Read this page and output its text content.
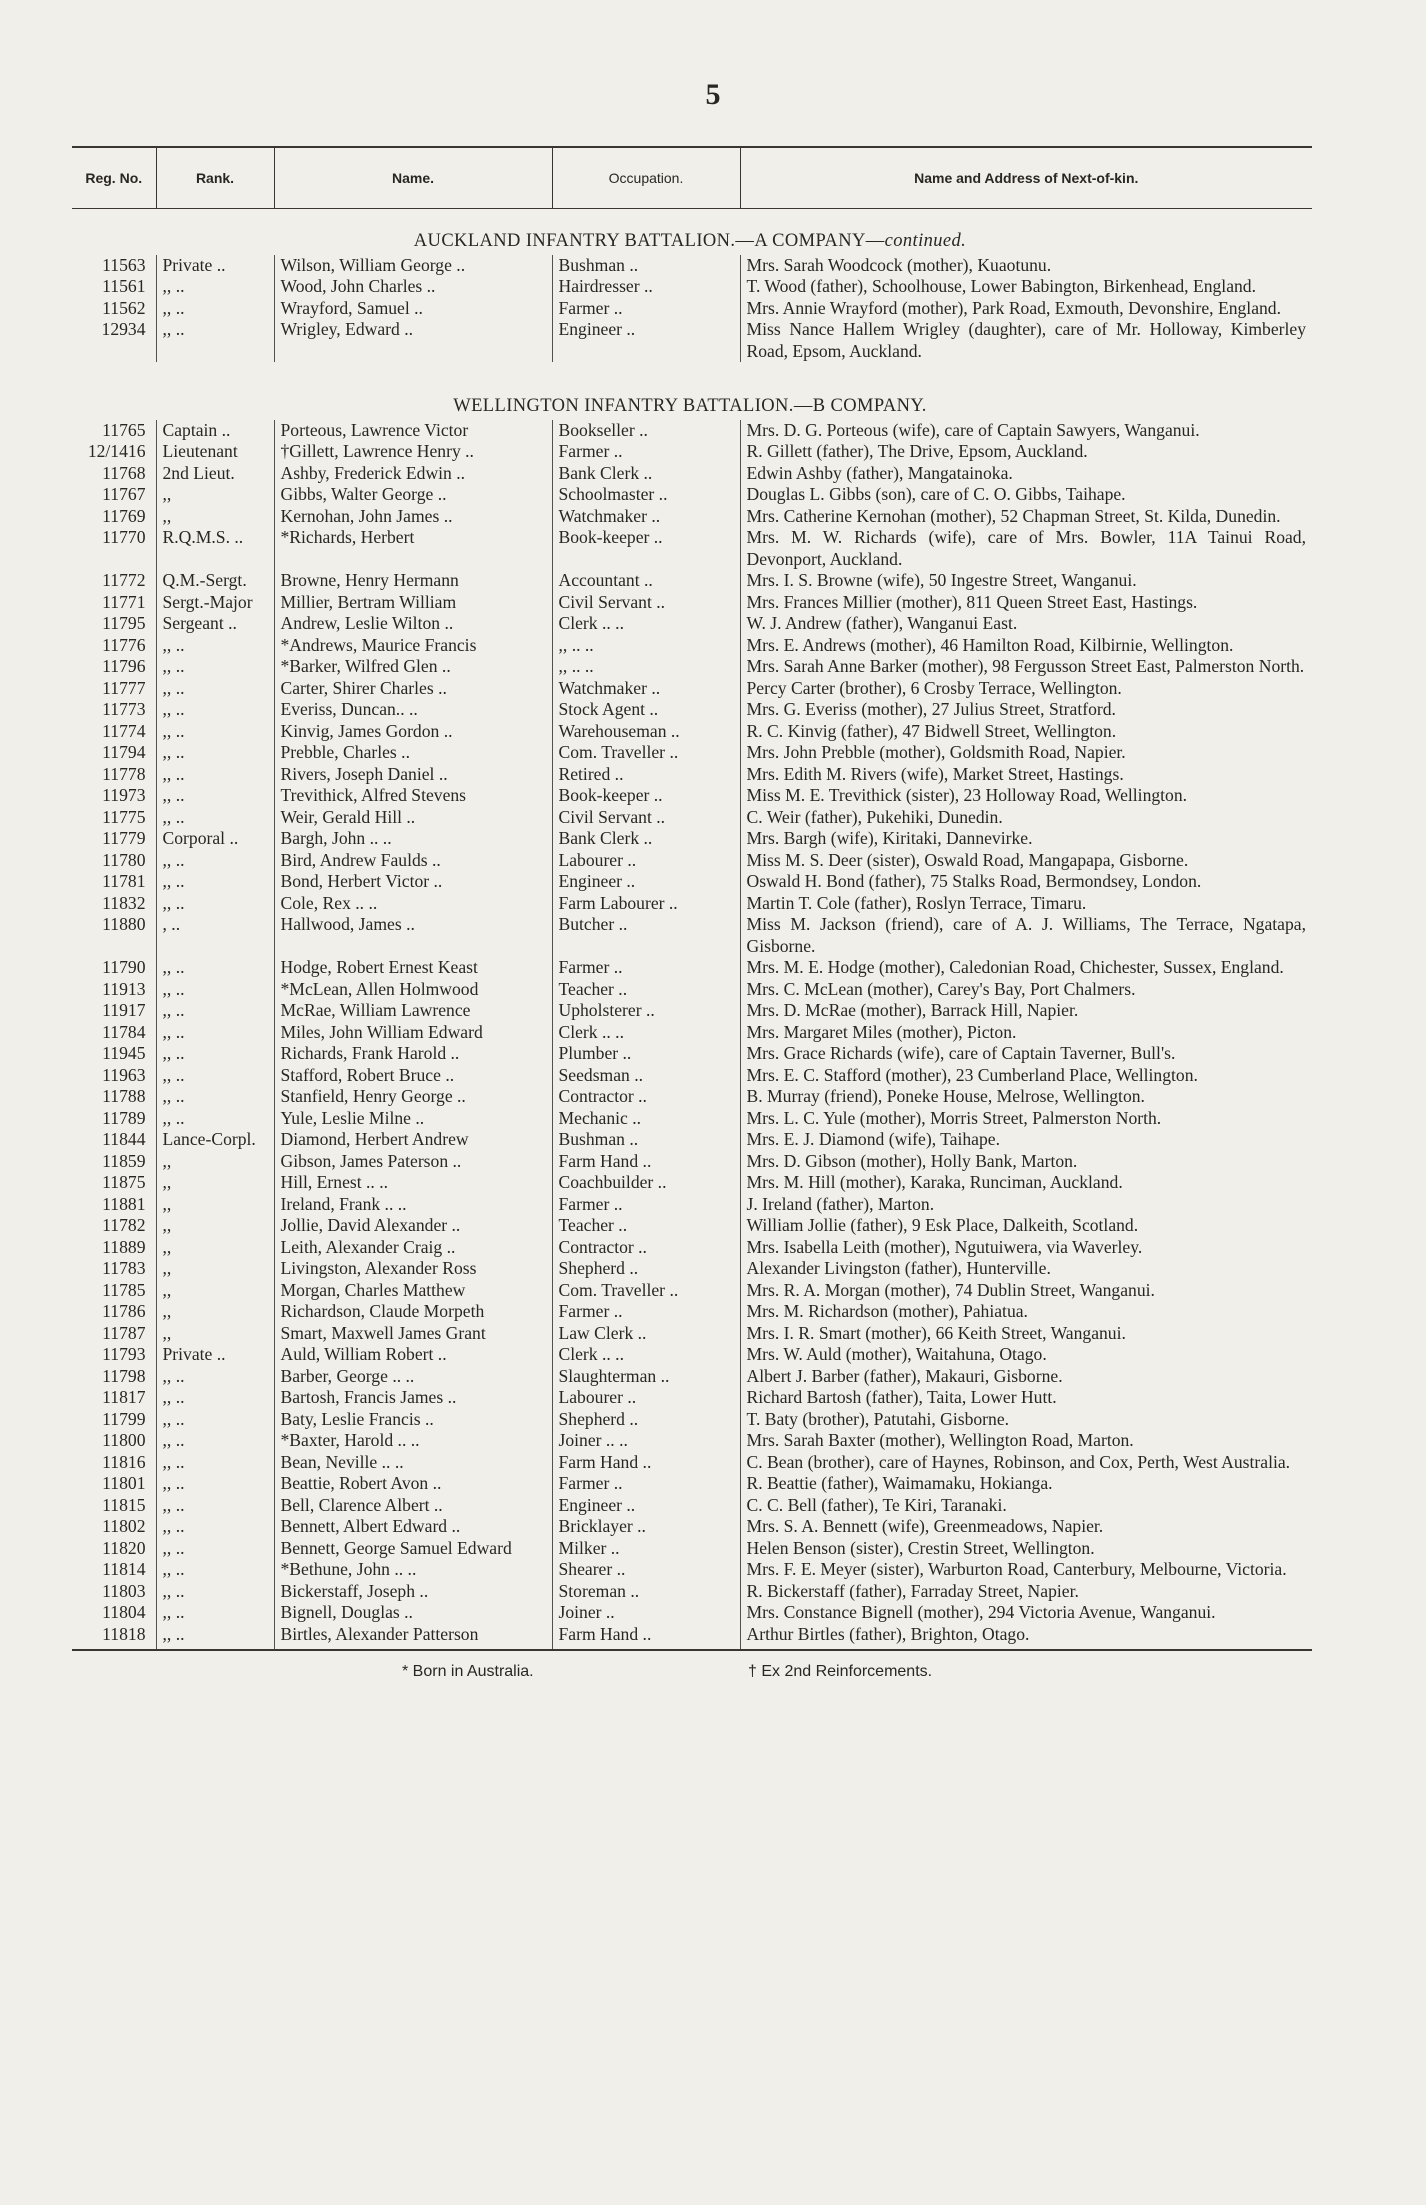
5
Reg. No.	Rank.	Name.	Occupation.	Name and Address of Next-of-kin.
AUCKLAND INFANTRY BATTALION.—A COMPANY—continued.				
11563	Private ..	Wilson, William George ..	Bushman ..	Mrs. Sarah Woodcock (mother), Kuaotunu.
11561	,, ..	Wood, John Charles ..	Hairdresser ..	T. Wood (father), Schoolhouse, Lower Babington, Birkenhead, England.
11562	,, ..	Wrayford, Samuel ..	Farmer ..	Mrs. Annie Wrayford (mother), Park Road, Exmouth, Devonshire, England.
12934	,, ..	Wrigley, Edward ..	Engineer ..	Miss Nance Hallem Wrigley (daughter), care of Mr. Holloway, Kimberley Road, Epsom, Auckland.
WELLINGTON INFANTRY BATTALION.—B COMPANY.				
11765	Captain ..	Porteous, Lawrence Victor	Bookseller ..	Mrs. D. G. Porteous (wife), care of Captain Sawyers, Wanganui.
12/1416	Lieutenant	†Gillett, Lawrence Henry ..	Farmer ..	R. Gillett (father), The Drive, Epsom, Auckland.
11768	2nd Lieut.	Ashby, Frederick Edwin ..	Bank Clerk ..	Edwin Ashby (father), Mangatainoka.
11767	,,	Gibbs, Walter George ..	Schoolmaster ..	Douglas L. Gibbs (son), care of C. O. Gibbs, Taihape.
11769	,,	Kernohan, John James ..	Watchmaker ..	Mrs. Catherine Kernohan (mother), 52 Chapman Street, St. Kilda, Dunedin.
11770	R.Q.M.S. ..	*Richards, Herbert	Book-keeper ..	Mrs. M. W. Richards (wife), care of Mrs. Bowler, 11A Tainui Road, Devonport, Auckland.
11772	Q.M.-Sergt.	Browne, Henry Hermann	Accountant ..	Mrs. I. S. Browne (wife), 50 Ingestre Street, Wanganui.
11771	Sergt.-Major	Millier, Bertram William	Civil Servant ..	Mrs. Frances Millier (mother), 811 Queen Street East, Hastings.
11795	Sergeant ..	Andrew, Leslie Wilton ..	Clerk .. ..	W. J. Andrew (father), Wanganui East.
11776	,, ..	*Andrews, Maurice Francis	,, .. ..	Mrs. E. Andrews (mother), 46 Hamilton Road, Kilbirnie, Wellington.
11796	,, ..	*Barker, Wilfred Glen ..	,, .. ..	Mrs. Sarah Anne Barker (mother), 98 Fergusson Street East, Palmerston North.
11777	,, ..	Carter, Shirer Charles ..	Watchmaker ..	Percy Carter (brother), 6 Crosby Terrace, Wellington.
11773	,, ..	Everiss, Duncan.. ..	Stock Agent ..	Mrs. G. Everiss (mother), 27 Julius Street, Stratford.
11774	,, ..	Kinvig, James Gordon ..	Warehouseman ..	R. C. Kinvig (father), 47 Bidwell Street, Wellington.
11794	,, ..	Prebble, Charles ..	Com. Traveller ..	Mrs. John Prebble (mother), Goldsmith Road, Napier.
11778	,, ..	Rivers, Joseph Daniel ..	Retired ..	Mrs. Edith M. Rivers (wife), Market Street, Hastings.
11973	,, ..	Trevithick, Alfred Stevens	Book-keeper ..	Miss M. E. Trevithick (sister), 23 Holloway Road, Wellington.
11775	,, ..	Weir, Gerald Hill ..	Civil Servant ..	C. Weir (father), Pukehiki, Dunedin.
11779	Corporal ..	Bargh, John .. ..	Bank Clerk ..	Mrs. Bargh (wife), Kiritaki, Dannevirke.
11780	,, ..	Bird, Andrew Faulds ..	Labourer ..	Miss M. S. Deer (sister), Oswald Road, Mangapapa, Gisborne.
11781	,, ..	Bond, Herbert Victor ..	Engineer ..	Oswald H. Bond (father), 75 Stalks Road, Bermondsey, London.
11832	,, ..	Cole, Rex .. ..	Farm Labourer ..	Martin T. Cole (father), Roslyn Terrace, Timaru.
11880	, ..	Hallwood, James ..	Butcher ..	Miss M. Jackson (friend), care of A. J. Williams, The Terrace, Ngatapa, Gisborne.
11790	,, ..	Hodge, Robert Ernest Keast	Farmer ..	Mrs. M. E. Hodge (mother), Caledonian Road, Chichester, Sussex, England.
11913	,, ..	*McLean, Allen Holmwood	Teacher ..	Mrs. C. McLean (mother), Carey's Bay, Port Chalmers.
11917	,, ..	McRae, William Lawrence	Upholsterer ..	Mrs. D. McRae (mother), Barrack Hill, Napier.
11784	,, ..	Miles, John William Edward	Clerk .. ..	Mrs. Margaret Miles (mother), Picton.
11945	,, ..	Richards, Frank Harold ..	Plumber ..	Mrs. Grace Richards (wife), care of Captain Taverner, Bull's.
11963	,, ..	Stafford, Robert Bruce ..	Seedsman ..	Mrs. E. C. Stafford (mother), 23 Cumberland Place, Wellington.
11788	,, ..	Stanfield, Henry George ..	Contractor ..	B. Murray (friend), Poneke House, Melrose, Wellington.
11789	,, ..	Yule, Leslie Milne ..	Mechanic ..	Mrs. L. C. Yule (mother), Morris Street, Palmerston North.
11844	Lance-Corpl.	Diamond, Herbert Andrew	Bushman ..	Mrs. E. J. Diamond (wife), Taihape.
11859	,,	Gibson, James Paterson ..	Farm Hand ..	Mrs. D. Gibson (mother), Holly Bank, Marton.
11875	,,	Hill, Ernest .. ..	Coachbuilder ..	Mrs. M. Hill (mother), Karaka, Runciman, Auckland.
11881	,,	Ireland, Frank .. ..	Farmer ..	J. Ireland (father), Marton.
11782	,,	Jollie, David Alexander ..	Teacher ..	William Jollie (father), 9 Esk Place, Dalkeith, Scotland.
11889	,,	Leith, Alexander Craig ..	Contractor ..	Mrs. Isabella Leith (mother), Ngutuiwera, via Waverley.
11783	,,	Livingston, Alexander Ross	Shepherd ..	Alexander Livingston (father), Hunterville.
11785	,,	Morgan, Charles Matthew	Com. Traveller ..	Mrs. R. A. Morgan (mother), 74 Dublin Street, Wanganui.
11786	,,	Richardson, Claude Morpeth	Farmer ..	Mrs. M. Richardson (mother), Pahiatua.
11787	,,	Smart, Maxwell James Grant	Law Clerk ..	Mrs. I. R. Smart (mother), 66 Keith Street, Wanganui.
11793	Private ..	Auld, William Robert ..	Clerk .. ..	Mrs. W. Auld (mother), Waitahuna, Otago.
11798	,, ..	Barber, George .. ..	Slaughterman ..	Albert J. Barber (father), Makauri, Gisborne.
11817	,, ..	Bartosh, Francis James ..	Labourer ..	Richard Bartosh (father), Taita, Lower Hutt.
11799	,, ..	Baty, Leslie Francis ..	Shepherd ..	T. Baty (brother), Patutahi, Gisborne.
11800	,, ..	*Baxter, Harold .. ..	Joiner .. ..	Mrs. Sarah Baxter (mother), Wellington Road, Marton.
11816	,, ..	Bean, Neville .. ..	Farm Hand ..	C. Bean (brother), care of Haynes, Robinson, and Cox, Perth, West Australia.
11801	,, ..	Beattie, Robert Avon ..	Farmer ..	R. Beattie (father), Waimamaku, Hokianga.
11815	,, ..	Bell, Clarence Albert ..	Engineer ..	C. C. Bell (father), Te Kiri, Taranaki.
11802	,, ..	Bennett, Albert Edward ..	Bricklayer ..	Mrs. S. A. Bennett (wife), Greenmeadows, Napier.
11820	,, ..	Bennett, George Samuel Edward	Milker ..	Helen Benson (sister), Crestin Street, Wellington.
11814	,, ..	*Bethune, John .. ..	Shearer ..	Mrs. F. E. Meyer (sister), Warburton Road, Canterbury, Melbourne, Victoria.
11803	,, ..	Bickerstaff, Joseph ..	Storeman ..	R. Bickerstaff (father), Farraday Street, Napier.
11804	,, ..	Bignell, Douglas ..	Joiner ..	Mrs. Constance Bignell (mother), 294 Victoria Avenue, Wanganui.
11818	,, ..	Birtles, Alexander Patterson	Farm Hand ..	Arthur Birtles (father), Brighton, Otago.
* Born in Australia.	† Ex 2nd Reinforcements.
